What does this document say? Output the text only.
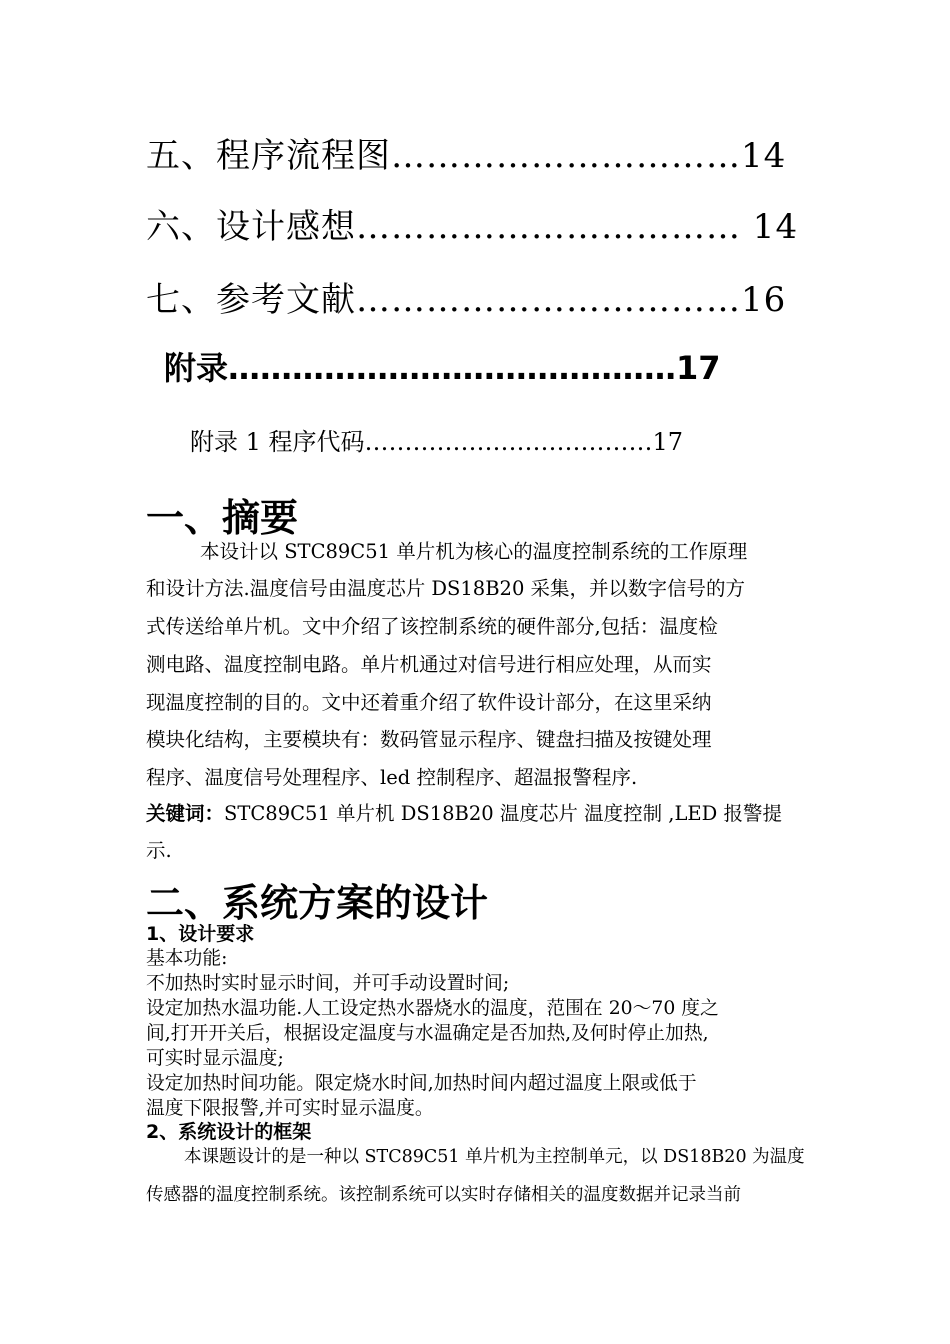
五、程序流程图…………………………14
六、设计感想…………………………… 14
七、参考文献……………………………16
附录……………………………………17
附录 1 程序代码………………………………17
一、摘要
本设计以 STC89C51 单片机为核心的温度控制系统的工作原理
和设计方法.温度信号由温度芯片 DS18B20 采集，并以数字信号的方
式传送给单片机。文中介绍了该控制系统的硬件部分,包括：温度检
测电路、温度控制电路。单片机通过对信号进行相应处理，从而实
现温度控制的目的。文中还着重介绍了软件设计部分，在这里采纳
模块化结构，主要模块有：数码管显示程序、键盘扫描及按键处理
程序、温度信号处理程序、led 控制程序、超温报警程序.
关键词：STC89C51 单片机 DS18B20 温度芯片 温度控制 ,LED 报警提
示.
二、系统方案的设计
1、设计要求
基本功能:
不加热时实时显示时间，并可手动设置时间;
设定加热水温功能.人工设定热水器烧水的温度，范围在 20～70 度之
间,打开开关后，根据设定温度与水温确定是否加热,及何时停止加热,
可实时显示温度;
设定加热时间功能。限定烧水时间,加热时间内超过温度上限或低于
温度下限报警,并可实时显示温度。
2、系统设计的框架
本课题设计的是一种以 STC89C51 单片机为主控制单元，以 DS18B20 为温度
传感器的温度控制系统。该控制系统可以实时存储相关的温度数据并记录当前
